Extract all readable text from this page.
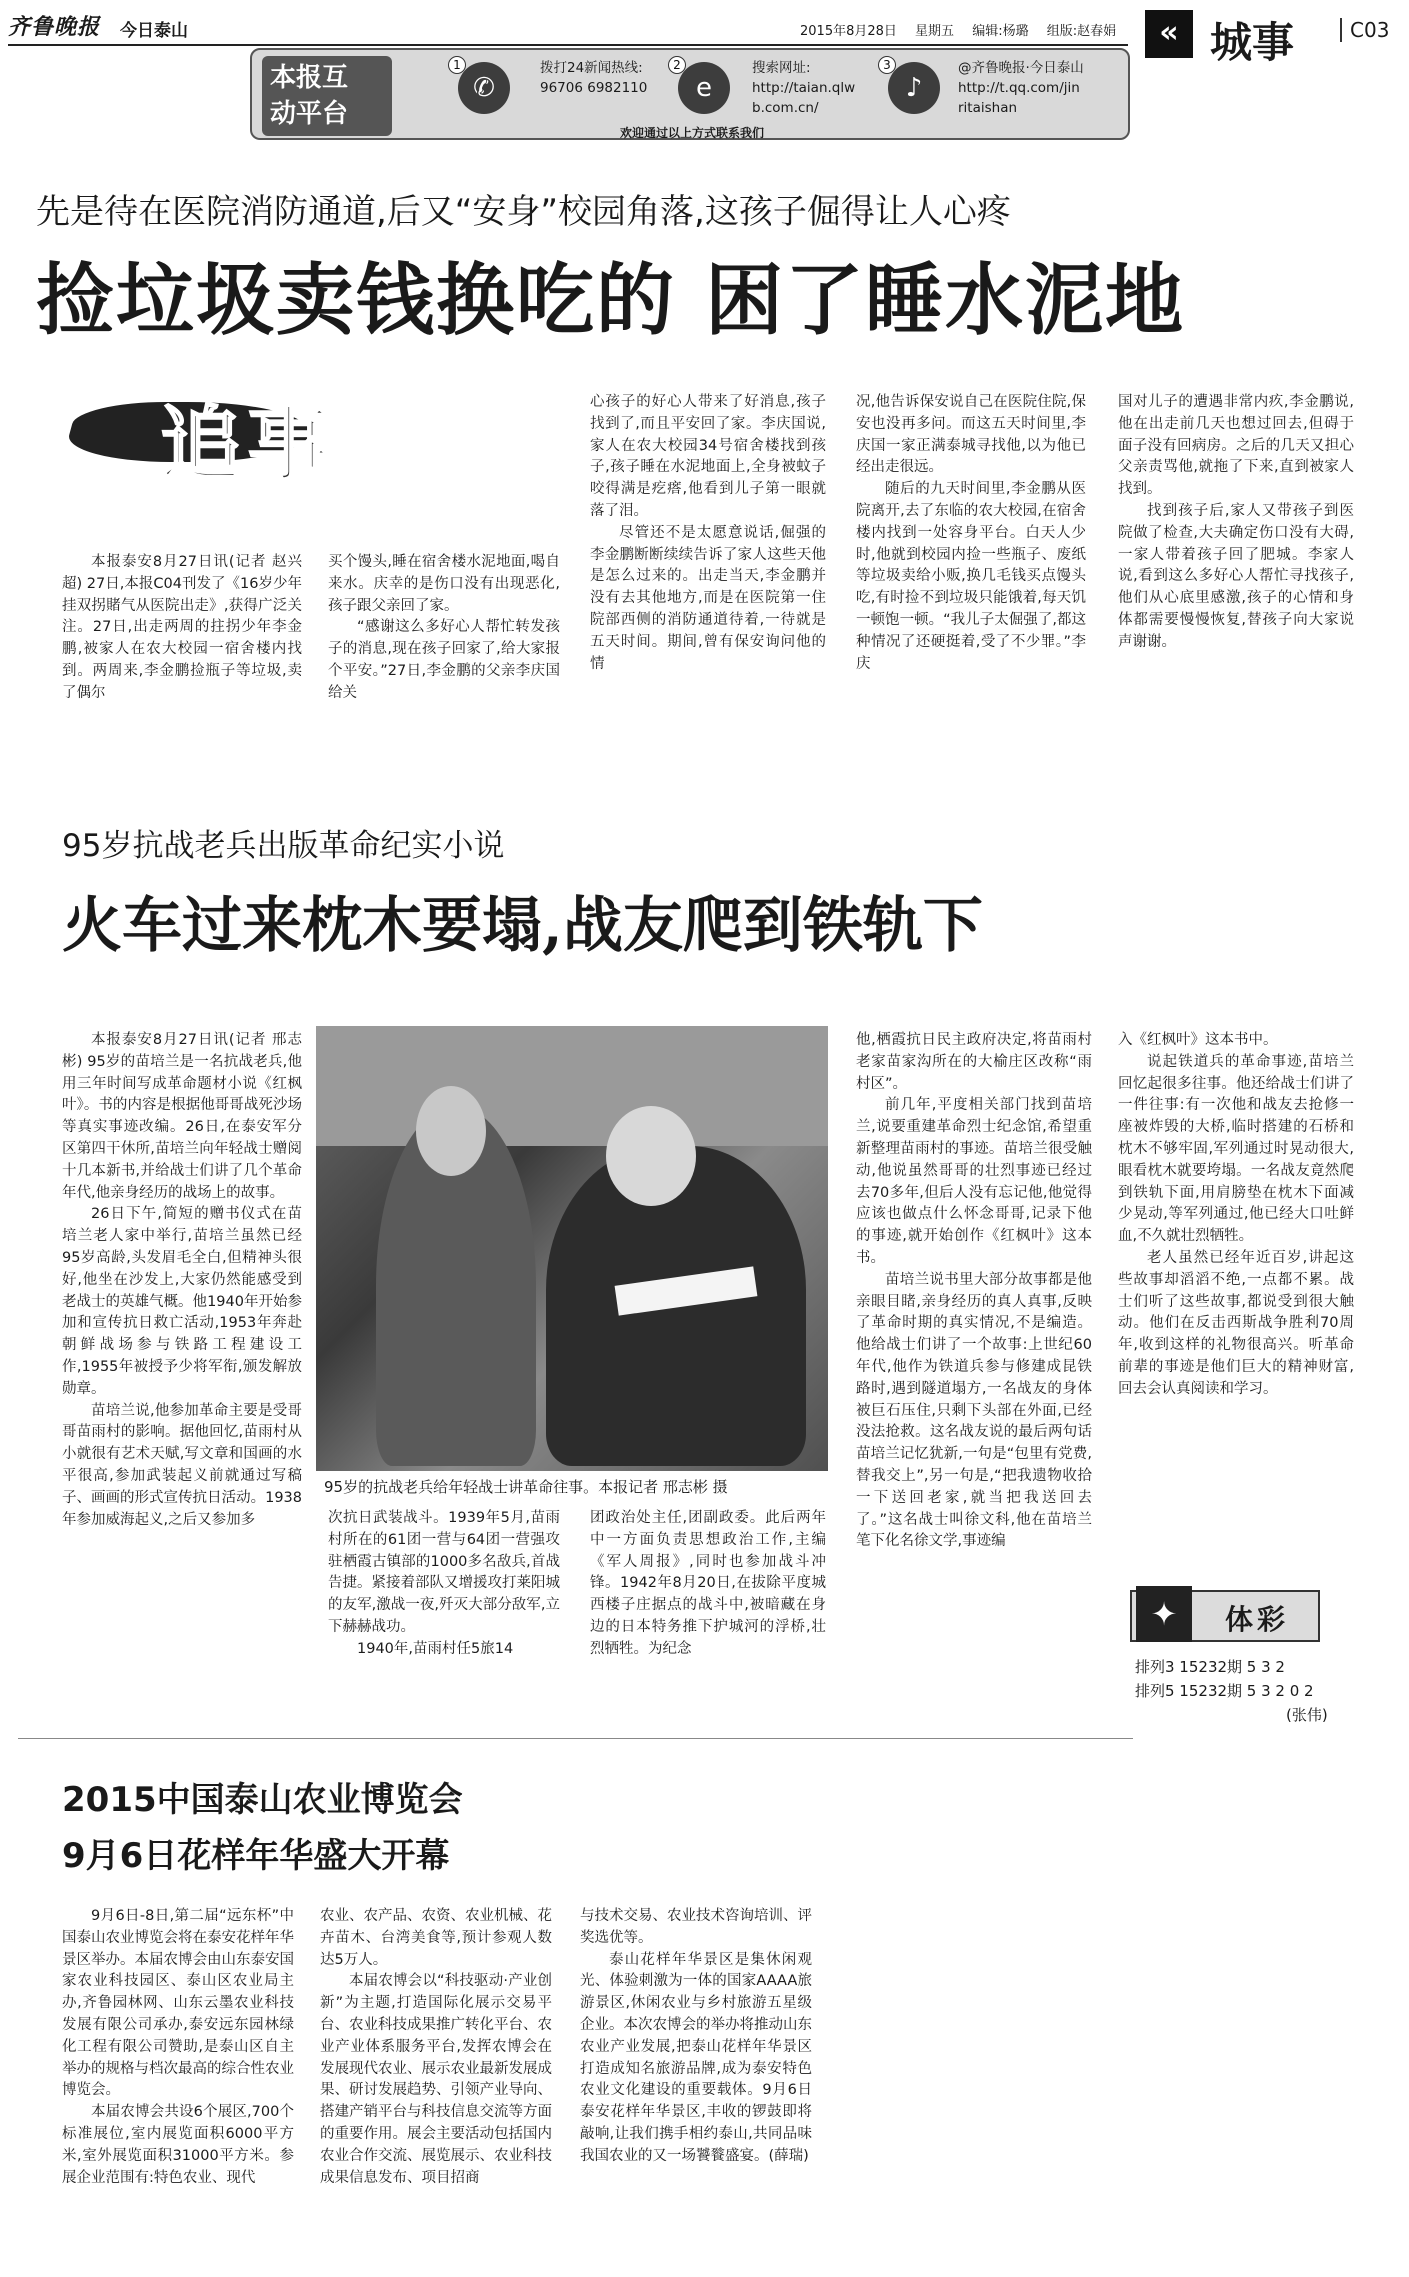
齐鲁晚报 今日泰山	2015年8月28日 星期五 编辑:杨璐 组版:赵春娟	« 城事	C03
本报互
动平台
1
✆
拨打24新闻热线:
96706 6982110
2
e
搜索网址:
http://taian.qlw
b.com.cn/
3
♪
@齐鲁晚报·今日泰山
http://t.qq.com/jin
ritaishan
欢迎通过以上方式联系我们
先是待在医院消防通道,后又“安身”校园角落,这孩子倔得让人心疼
捡垃圾卖钱换吃的 困了睡水泥地
追事

本报泰安8月27日讯(记者 赵兴超) 27日,本报C04刊发了《16岁少年挂双拐賭气从医院出走》,获得广泛关注。27日,出走两周的拄拐少年李金鹏,被家人在农大校园一宿舍楼内找到。两周来,李金鹏捡瓶子等垃圾,卖了偶尔

买个馒头,睡在宿舍楼水泥地面,喝自来水。庆幸的是伤口没有出现恶化,孩子跟父亲回了家。

“感谢这么多好心人帮忙转发孩子的消息,现在孩子回家了,给大家报个平安。”27日,李金鹏的父亲李庆国给关

心孩子的好心人带来了好消息,孩子找到了,而且平安回了家。李庆国说,家人在农大校园34号宿舍楼找到孩子,孩子睡在水泥地面上,全身被蚊子咬得满是疙瘩,他看到儿子第一眼就落了泪。

尽管还不是太愿意说话,倔强的李金鹏断断续续告诉了家人这些天他是怎么过来的。出走当天,李金鹏并没有去其他地方,而是在医院第一住院部西侧的消防通道待着,一待就是五天时间。期间,曾有保安询问他的情

况,他告诉保安说自己在医院住院,保安也没再多问。而这五天时间里,李庆国一家正满泰城寻找他,以为他已经出走很远。

随后的九天时间里,李金鹏从医院离开,去了东临的农大校园,在宿舍楼内找到一处容身平台。白天人少时,他就到校园内捡一些瓶子、废纸等垃圾卖给小贩,换几毛钱买点馒头吃,有时捡不到垃圾只能饿着,每天饥一顿饱一顿。“我儿子太倔强了,都这种情况了还硬挺着,受了不少罪。”李庆

国对儿子的遭遇非常内疚,李金鹏说,他在出走前几天也想过回去,但碍于面子没有回病房。之后的几天又担心父亲责骂他,就拖了下来,直到被家人找到。

找到孩子后,家人又带孩子到医院做了检查,大夫确定伤口没有大碍,一家人带着孩子回了肥城。李家人说,看到这么多好心人帮忙寻找孩子,他们从心底里感激,孩子的心情和身体都需要慢慢恢复,替孩子向大家说声谢谢。

95岁抗战老兵出版革命纪实小说
火车过来枕木要塌,战友爬到铁轨下

本报泰安8月27日讯(记者 邢志彬) 95岁的苗培兰是一名抗战老兵,他用三年时间写成革命题材小说《红枫叶》。书的内容是根据他哥哥战死沙场等真实事迹改编。26日,在泰安军分区第四干休所,苗培兰向年轻战士赠阅十几本新书,并给战士们讲了几个革命年代,他亲身经历的战场上的故事。

26日下午,简短的赠书仪式在苗培兰老人家中举行,苗培兰虽然已经95岁高龄,头发眉毛全白,但精神头很好,他坐在沙发上,大家仍然能感受到老战士的英雄气概。他1940年开始参加和宣传抗日救亡活动,1953年奔赴朝鲜战场参与铁路工程建设工作,1955年被授予少将军衔,颁发解放勋章。

苗培兰说,他参加革命主要是受哥哥苗雨村的影响。据他回忆,苗雨村从小就很有艺术天赋,写文章和国画的水平很高,参加武装起义前就通过写稿子、画画的形式宣传抗日活动。1938年参加威海起义,之后又参加多

95岁的抗战老兵给年轻战士讲革命往事。本报记者 邢志彬 摄

次抗日武装战斗。1939年5月,苗雨村所在的61团一营与64团一营强攻驻栖霞古镇部的1000多名敌兵,首战告捷。紧接着部队又增援攻打莱阳城的友军,激战一夜,歼灭大部分敌军,立下赫赫战功。

1940年,苗雨村任5旅14

团政治处主任,团副政委。此后两年中一方面负责思想政治工作,主编《军人周报》,同时也参加战斗冲锋。1942年8月20日,在拔除平度城西楼子庄据点的战斗中,被暗藏在身边的日本特务推下护城河的浮桥,壮烈牺牲。为纪念

他,栖霞抗日民主政府决定,将苗雨村老家苗家沟所在的大榆庄区改称“雨村区”。

前几年,平度相关部门找到苗培兰,说要重建革命烈士纪念馆,希望重新整理苗雨村的事迹。苗培兰很受触动,他说虽然哥哥的壮烈事迹已经过去70多年,但后人没有忘记他,他觉得应该也做点什么怀念哥哥,记录下他的事迹,就开始创作《红枫叶》这本书。

苗培兰说书里大部分故事都是他亲眼目睹,亲身经历的真人真事,反映了革命时期的真实情况,不是编造。他给战士们讲了一个故事:上世纪60年代,他作为铁道兵参与修建成昆铁路时,遇到隧道塌方,一名战友的身体被巨石压住,只剩下头部在外面,已经没法抢救。这名战友说的最后两句话苗培兰记忆犹新,一句是“包里有党费,替我交上”,另一句是,“把我遗物收拾一下送回老家,就当把我送回去了。”这名战士叫徐文科,他在苗培兰笔下化名徐文学,事迹编

入《红枫叶》这本书中。

说起铁道兵的革命事迹,苗培兰回忆起很多往事。他还给战士们讲了一件往事:有一次他和战友去抢修一座被炸毁的大桥,临时搭建的石桥和枕木不够牢固,军列通过时晃动很大,眼看枕木就要垮塌。一名战友竟然爬到铁轨下面,用肩膀垫在枕木下面减少晃动,等军列通过,他已经大口吐鲜血,不久就壮烈牺牲。

老人虽然已经年近百岁,讲起这些故事却滔滔不绝,一点都不累。战士们听了这些故事,都说受到很大触动。他们在反击西斯战争胜利70周年,收到这样的礼物很高兴。听革命前辈的事迹是他们巨大的精神财富,回去会认真阅读和学习。

✦	体彩
排列3 15232期 5 3 2
排列5 15232期 5 3 2 0 2
(张伟)
2015中国泰山农业博览会
9月6日花样年华盛大开幕

9月6日-8日,第二届“远东杯”中国泰山农业博览会将在泰安花样年华景区举办。本届农博会由山东泰安国家农业科技园区、泰山区农业局主办,齐鲁园林网、山东云墨农业科技发展有限公司承办,泰安远东园林绿化工程有限公司赞助,是泰山区自主举办的规格与档次最高的综合性农业博览会。

本届农博会共设6个展区,700个标准展位,室内展览面积6000平方米,室外展览面积31000平方米。参展企业范围有:特色农业、现代

农业、农产品、农资、农业机械、花卉苗木、台湾美食等,预计参观人数达5万人。

本届农博会以“科技驱动·产业创新”为主题,打造国际化展示交易平台、农业科技成果推广转化平台、农业产业体系服务平台,发挥农博会在发展现代农业、展示农业最新发展成果、研讨发展趋势、引领产业导向、搭建产销平台与科技信息交流等方面的重要作用。展会主要活动包括国内农业合作交流、展览展示、农业科技成果信息发布、项目招商

与技术交易、农业技术咨询培训、评奖选优等。

泰山花样年华景区是集休闲观光、体验刺激为一体的国家AAAA旅游景区,休闲农业与乡村旅游五星级企业。本次农博会的举办将推动山东农业产业发展,把泰山花样年华景区打造成知名旅游品牌,成为泰安特色农业文化建设的重要载体。9月6日泰安花样年华景区,丰收的锣鼓即将敲响,让我们携手相约泰山,共同品味我国农业的又一场饕餮盛宴。(薛瑞)
